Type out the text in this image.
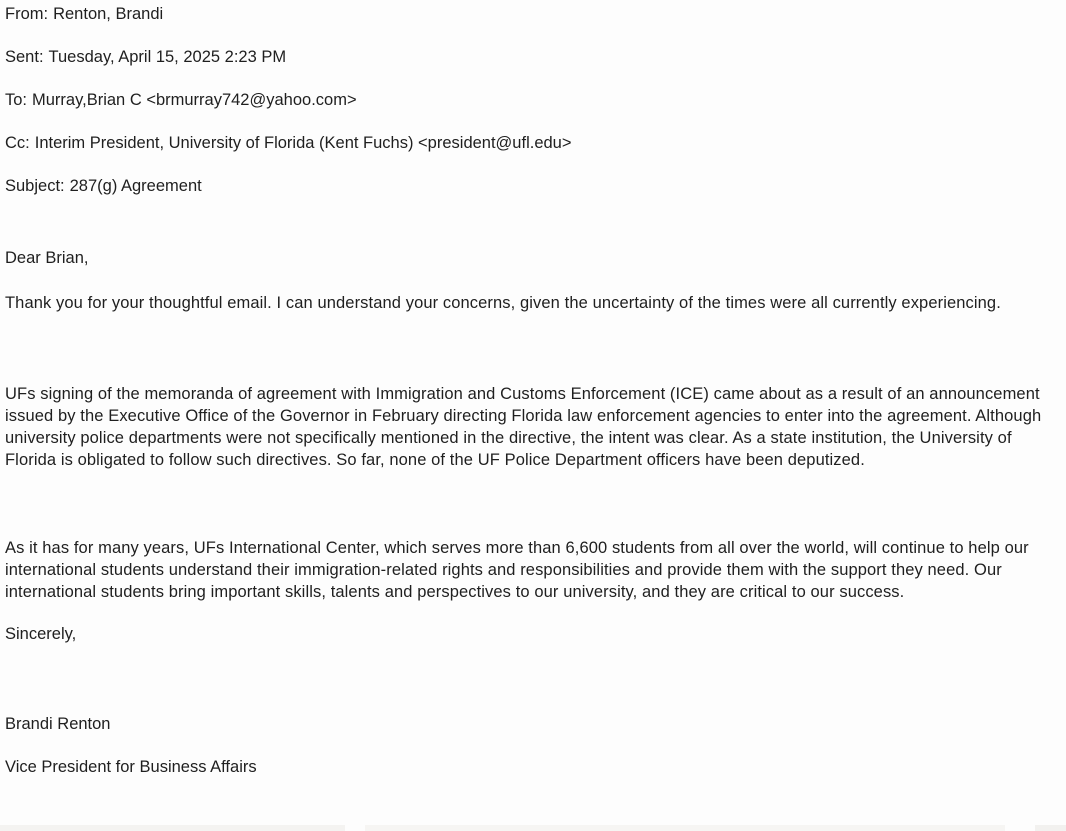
From: Renton, Brandi
Sent: Tuesday, April 15, 2025 2:23 PM
To: Murray,Brian C <brmurray742@yahoo.com>
Cc: Interim President, University of Florida (Kent Fuchs) <president@ufl.edu>
Subject: 287(g) Agreement

Dear Brian,

Thank you for your thoughtful email. I can understand your concerns, given the uncertainty of the times were all currently experiencing.

UFs signing of the memoranda of agreement with Immigration and Customs Enforcement (ICE) came about as a result of an announcement issued by the Executive Office of the Governor in February directing Florida law enforcement agencies to enter into the agreement. Although university police departments were not specifically mentioned in the directive, the intent was clear. As a state institution, the University of Florida is obligated to follow such directives. So far, none of the UF Police Department officers have been deputized.

As it has for many years, UFs International Center, which serves more than 6,600 students from all over the world, will continue to help our international students understand their immigration-related rights and responsibilities and provide them with the support they need. Our international students bring important skills, talents and perspectives to our university, and they are critical to our success.

Sincerely,

Brandi Renton

Vice President for Business Affairs
